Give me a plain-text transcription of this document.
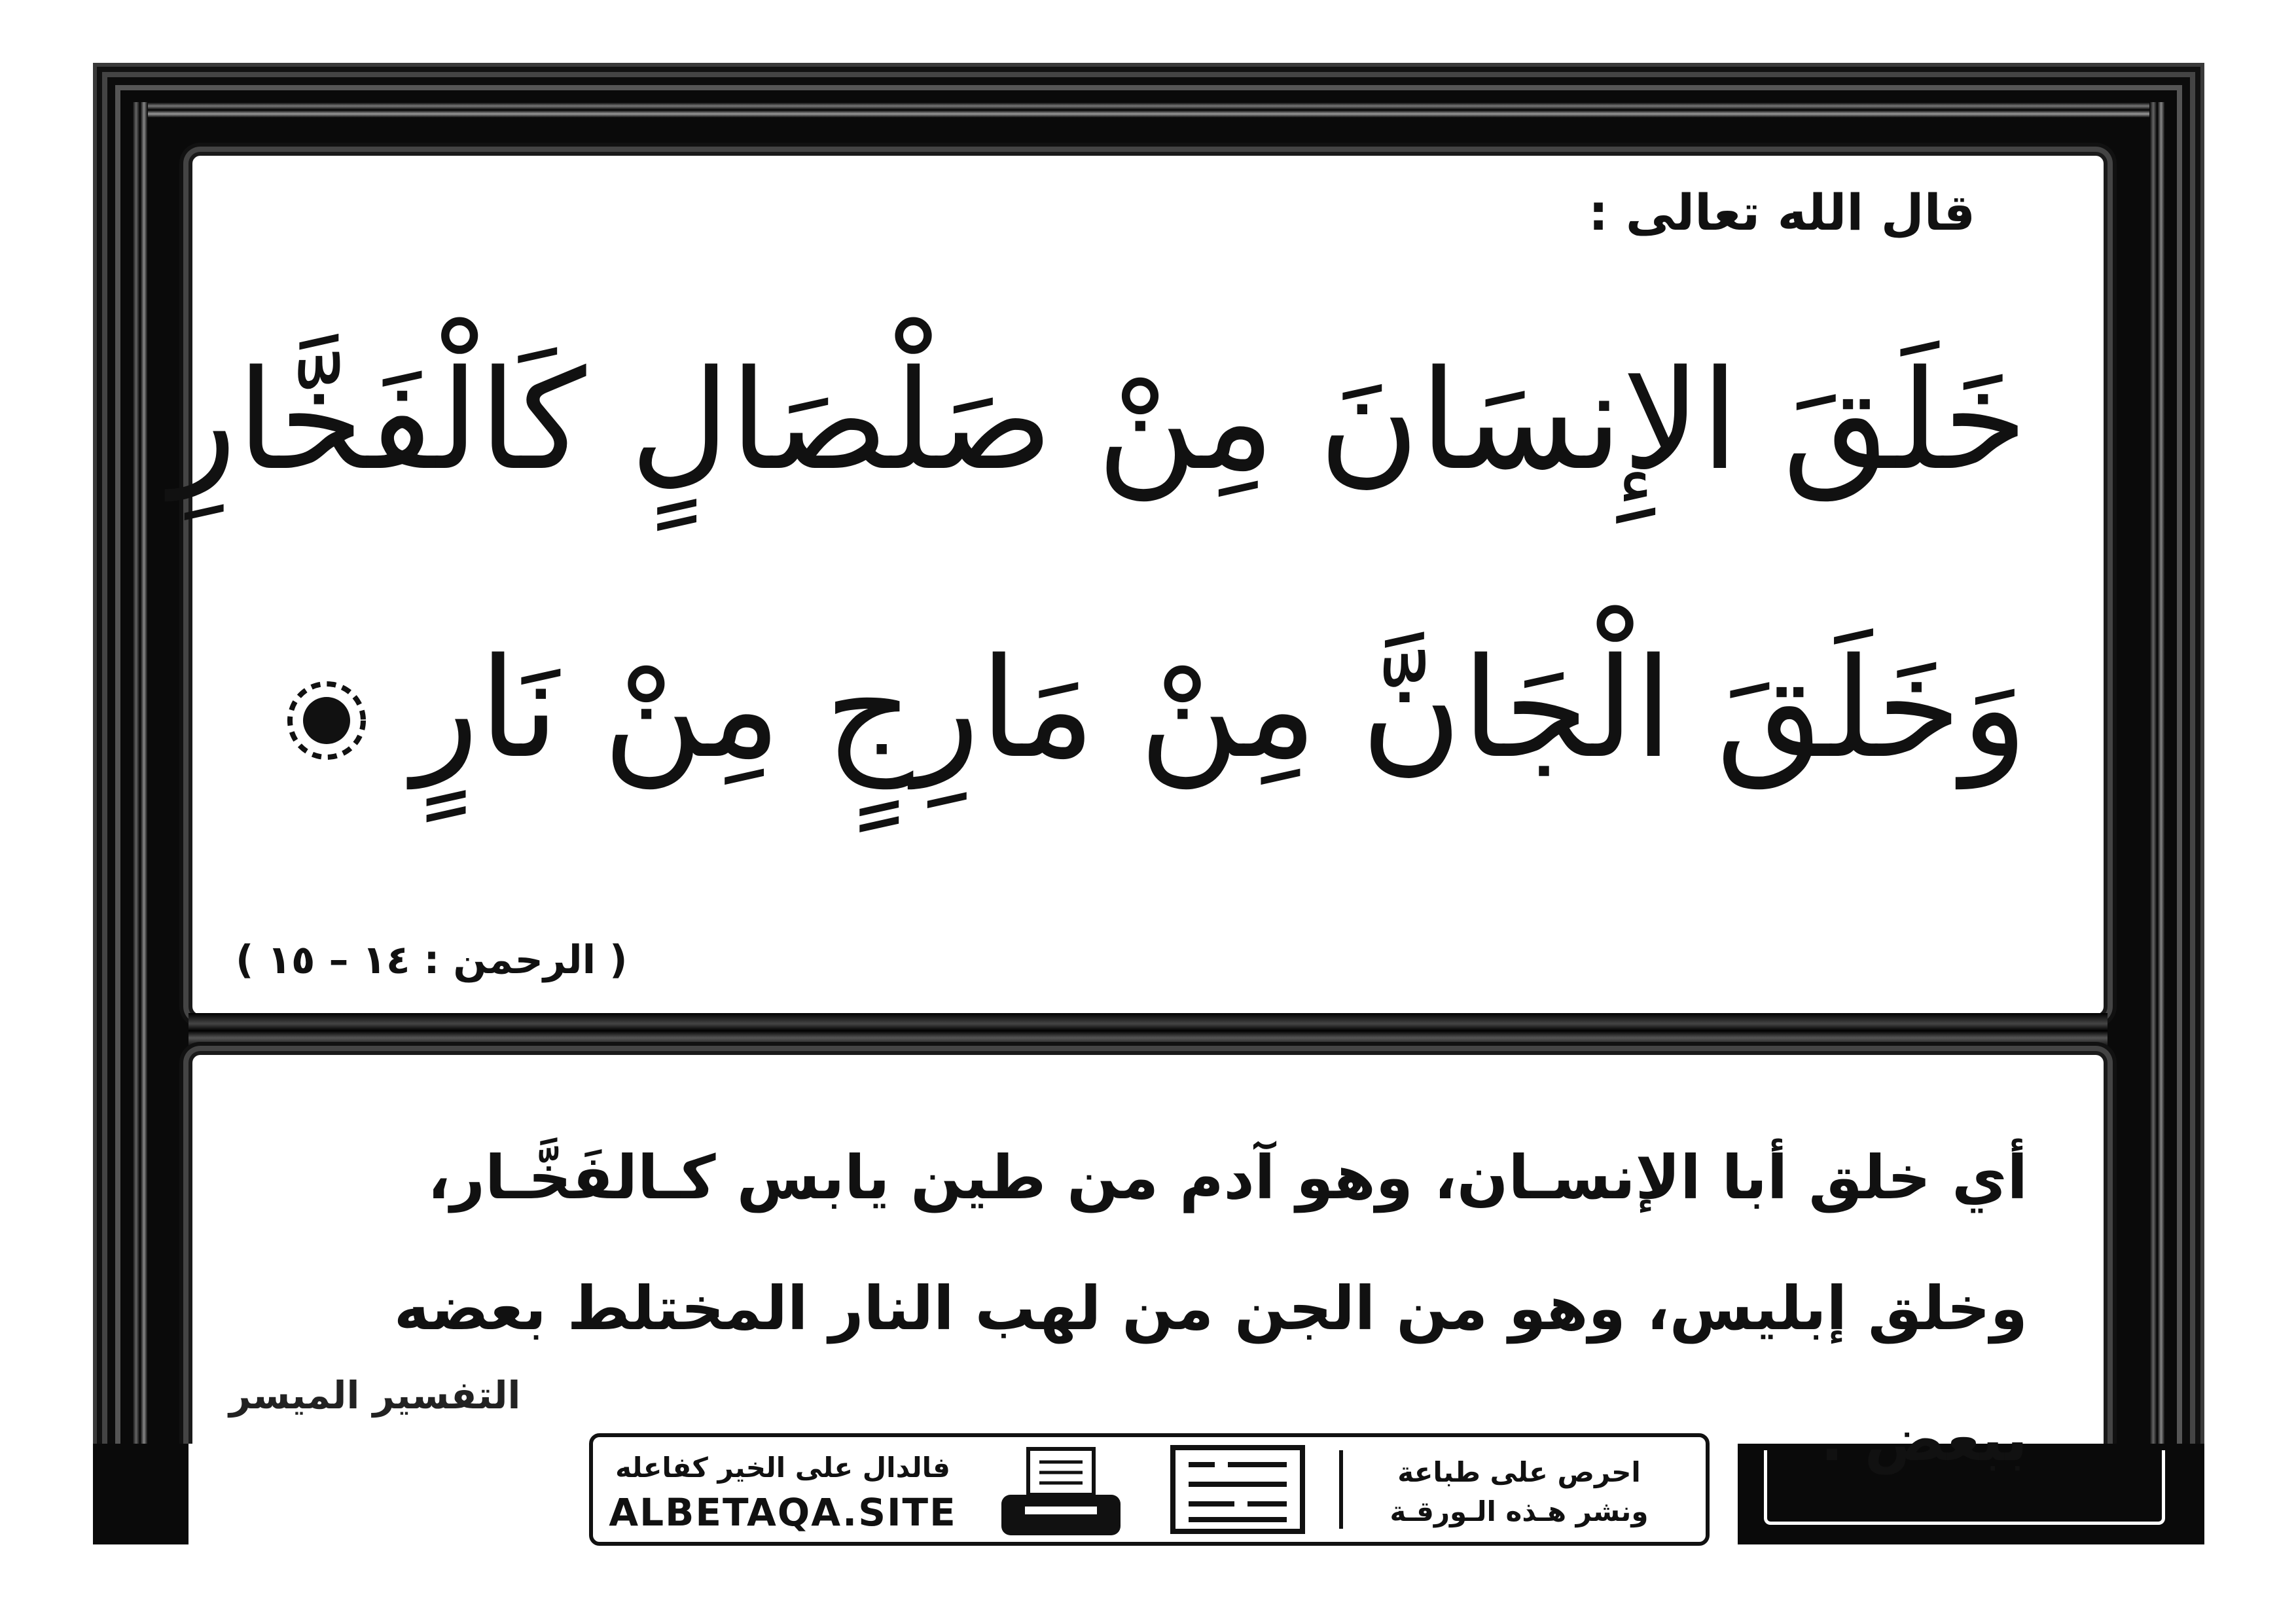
قال الله تعالى :
خَلَقَ الإِنسَانَ مِنْ صَلْصَالٍ كَالْفَخَّارِ
وَخَلَقَ الْجَانَّ مِنْ مَارِجٍ مِنْ نَارٍ
( الرحمن : ١٤ – ١٥ )
أي خلق أبا الإنسـان، وهو آدم من طين يابس كـالفَخَّـار، وخلق إبليس، وهو من الجن من لهب النار المختلط بعضه ببعض .
التفسير الميسر
فالدال على الخير كفاعله
ALBETAQA.SITE
احرص على طباعة
ونشر هـذه الـورقـة
